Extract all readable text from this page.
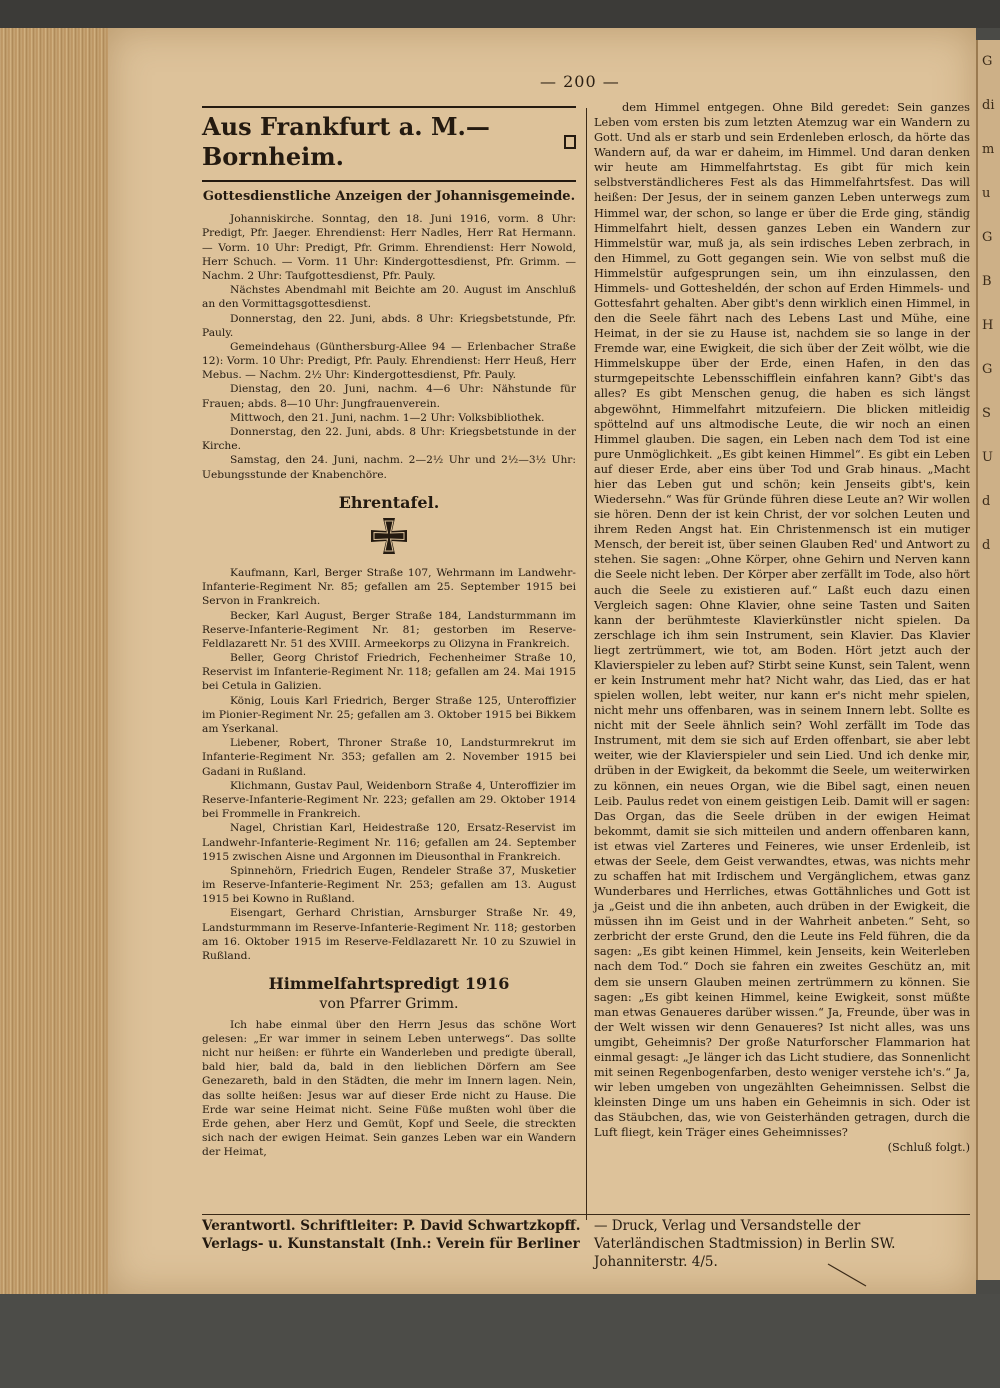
G
di
m
u
G
B
H
G
S
U
d
d
— 200 —
Aus Frankfurt a. M.—Bornheim.
Gottesdienstliche Anzeigen der Johannisgemeinde.

Johanniskirche. Sonntag, den 18. Juni 1916, vorm. 8 Uhr: Predigt, Pfr. Jaeger. Ehrendienst: Herr Nadles, Herr Rat Hermann. — Vorm. 10 Uhr: Predigt, Pfr. Grimm. Ehrendienst: Herr Nowold, Herr Schuch. — Vorm. 11 Uhr: Kindergottesdienst, Pfr. Grimm. — Nachm. 2 Uhr: Taufgottesdienst, Pfr. Pauly.

Nächstes Abendmahl mit Beichte am 20. August im Anschluß an den Vormittagsgottesdienst.

Donnerstag, den 22. Juni, abds. 8 Uhr: Kriegsbetstunde, Pfr. Pauly.

Gemeindehaus (Günthersburg-Allee 94 — Erlenbacher Straße 12): Vorm. 10 Uhr: Predigt, Pfr. Pauly. Ehrendienst: Herr Heuß, Herr Mebus. — Nachm. 2½ Uhr: Kindergottesdienst, Pfr. Pauly.

Dienstag, den 20. Juni, nachm. 4—6 Uhr: Nähstunde für Frauen; abds. 8—10 Uhr: Jungfrauenverein.

Mittwoch, den 21. Juni, nachm. 1—2 Uhr: Volksbibliothek.

Donnerstag, den 22. Juni, abds. 8 Uhr: Kriegsbetstunde in der Kirche.

Samstag, den 24. Juni, nachm. 2—2½ Uhr und 2½—3½ Uhr: Uebungsstunde der Knabenchöre.

Ehrentafel.

Kaufmann, Karl, Berger Straße 107, Wehrmann im Landwehr-Infanterie-Regiment Nr. 85; gefallen am 25. September 1915 bei Servon in Frankreich.

Becker, Karl August, Berger Straße 184, Landsturmmann im Reserve-Infanterie-Regiment Nr. 81; gestorben im Reserve-Feldlazarett Nr. 51 des XVIII. Armeekorps zu Olizyna in Frankreich.

Beller, Georg Christof Friedrich, Fechenheimer Straße 10, Reservist im Infanterie-Regiment Nr. 118; gefallen am 24. Mai 1915 bei Cetula in Galizien.

König, Louis Karl Friedrich, Berger Straße 125, Unteroffizier im Pionier-Regiment Nr. 25; gefallen am 3. Oktober 1915 bei Bikkem am Yserkanal.

Liebener, Robert, Throner Straße 10, Landsturmrekrut im Infanterie-Regiment Nr. 353; gefallen am 2. November 1915 bei Gadani in Rußland.

Klichmann, Gustav Paul, Weidenborn Straße 4, Unteroffizier im Reserve-Infanterie-Regiment Nr. 223; gefallen am 29. Oktober 1914 bei Frommelle in Frankreich.

Nagel, Christian Karl, Heidestraße 120, Ersatz-Reservist im Landwehr-Infanterie-Regiment Nr. 116; gefallen am 24. September 1915 zwischen Aisne und Argonnen im Dieusonthal in Frankreich.

Spinnehörn, Friedrich Eugen, Rendeler Straße 37, Musketier im Reserve-Infanterie-Regiment Nr. 253; gefallen am 13. August 1915 bei Kowno in Rußland.

Eisengart, Gerhard Christian, Arnsburger Straße Nr. 49, Landsturmmann im Reserve-Infanterie-Regiment Nr. 118; gestorben am 16. Oktober 1915 im Reserve-Feldlazarett Nr. 10 zu Szuwiel in Rußland.

Himmelfahrtspredigt 1916
von Pfarrer Grimm.

Ich habe einmal über den Herrn Jesus das schöne Wort gelesen: „Er war immer in seinem Leben unterwegs“. Das sollte nicht nur heißen: er führte ein Wanderleben und predigte überall, bald hier, bald da, bald in den lieblichen Dörfern am See Genezareth, bald in den Städten, die mehr im Innern lagen. Nein, das sollte heißen: Jesus war auf dieser Erde nicht zu Hause. Die Erde war seine Heimat nicht. Seine Füße mußten wohl über die Erde gehen, aber Herz und Gemüt, Kopf und Seele, die streckten sich nach der ewigen Heimat. Sein ganzes Leben war ein Wandern der Heimat,

dem Himmel entgegen. Ohne Bild geredet: Sein ganzes Leben vom ersten bis zum letzten Atemzug war ein Wandern zu Gott. Und als er starb und sein Erdenleben erlosch, da hörte das Wandern auf, da war er daheim, im Himmel. Und daran denken wir heute am Himmelfahrtstag. Es gibt für mich kein selbstverständlicheres Fest als das Himmelfahrtsfest. Das will heißen: Der Jesus, der in seinem ganzen Leben unterwegs zum Himmel war, der schon, so lange er über die Erde ging, ständig Himmelfahrt hielt, dessen ganzes Leben ein Wandern zur Himmelstür war, muß ja, als sein irdisches Leben zerbrach, in den Himmel, zu Gott gegangen sein. Wie von selbst muß die Himmelstür aufgesprungen sein, um ihn einzulassen, den Himmels- und Gottesheldén, der schon auf Erden Himmels- und Gottesfahrt gehalten. Aber gibt's denn wirklich einen Himmel, in den die Seele fährt nach des Lebens Last und Mühe, eine Heimat, in der sie zu Hause ist, nachdem sie so lange in der Fremde war, eine Ewigkeit, die sich über der Zeit wölbt, wie die Himmelskuppe über der Erde, einen Hafen, in den das sturmgepeitschte Lebensschifflein einfahren kann? Gibt's das alles? Es gibt Menschen genug, die haben es sich längst abgewöhnt, Himmelfahrt mitzufeiern. Die blicken mitleidig spöttelnd auf uns altmodische Leute, die wir noch an einen Himmel glauben. Die sagen, ein Leben nach dem Tod ist eine pure Unmöglichkeit. „Es gibt keinen Himmel“. Es gibt ein Leben auf dieser Erde, aber eins über Tod und Grab hinaus. „Macht hier das Leben gut und schön; kein Jenseits gibt's, kein Wiedersehn.“ Was für Gründe führen diese Leute an? Wir wollen sie hören. Denn der ist kein Christ, der vor solchen Leuten und ihrem Reden Angst hat. Ein Christenmensch ist ein mutiger Mensch, der bereit ist, über seinen Glauben Red' und Antwort zu stehen. Sie sagen: „Ohne Körper, ohne Gehirn und Nerven kann die Seele nicht leben. Der Körper aber zerfällt im Tode, also hört auch die Seele zu existieren auf.“ Laßt euch dazu einen Vergleich sagen: Ohne Klavier, ohne seine Tasten und Saiten kann der berühmteste Klavierkünstler nicht spielen. Da zerschlage ich ihm sein Instrument, sein Klavier. Das Klavier liegt zertrümmert, wie tot, am Boden. Hört jetzt auch der Klavierspieler zu leben auf? Stirbt seine Kunst, sein Talent, wenn er kein Instrument mehr hat? Nicht wahr, das Lied, das er hat spielen wollen, lebt weiter, nur kann er's nicht mehr spielen, nicht mehr uns offenbaren, was in seinem Innern lebt. Sollte es nicht mit der Seele ähnlich sein? Wohl zerfällt im Tode das Instrument, mit dem sie sich auf Erden offenbart, sie aber lebt weiter, wie der Klavierspieler und sein Lied. Und ich denke mir, drüben in der Ewigkeit, da bekommt die Seele, um weiterwirken zu können, ein neues Organ, wie die Bibel sagt, einen neuen Leib. Paulus redet von einem geistigen Leib. Damit will er sagen: Das Organ, das die Seele drüben in der ewigen Heimat bekommt, damit sie sich mitteilen und andern offenbaren kann, ist etwas viel Zarteres und Feineres, wie unser Erdenleib, ist etwas der Seele, dem Geist verwandtes, etwas, was nichts mehr zu schaffen hat mit Irdischem und Vergänglichem, etwas ganz Wunderbares und Herrliches, etwas Gottähnliches und Gott ist ja „Geist und die ihn anbeten, auch drüben in der Ewigkeit, die müssen ihn im Geist und in der Wahrheit anbeten.“ Seht, so zerbricht der erste Grund, den die Leute ins Feld führen, die da sagen: „Es gibt keinen Himmel, kein Jenseits, kein Weiterleben nach dem Tod.“ Doch sie fahren ein zweites Geschütz an, mit dem sie unsern Glauben meinen zertrümmern zu können. Sie sagen: „Es gibt keinen Himmel, keine Ewigkeit, sonst müßte man etwas Genaueres darüber wissen.“ Ja, Freunde, über was in der Welt wissen wir denn Genaueres? Ist nicht alles, was uns umgibt, Geheimnis? Der große Naturforscher Flammarion hat einmal gesagt: „Je länger ich das Licht studiere, das Sonnenlicht mit seinen Regenbogenfarben, desto weniger verstehe ich's.“ Ja, wir leben umgeben von ungezählten Geheimnissen. Selbst die kleinsten Dinge um uns haben ein Geheimnis in sich. Oder ist das Stäubchen, das, wie von Geisterhänden getragen, durch die Luft fliegt, kein Träger eines Geheimnisses?

(Schluß folgt.)

Verantwortl. Schriftleiter: P. David Schwartzkopff. Verlags- u. Kunstanstalt (Inh.: Verein für Berliner
— Druck, Verlag und Versandstelle der Vaterländischen Stadtmission) in Berlin SW. Johanniterstr. 4/5.
